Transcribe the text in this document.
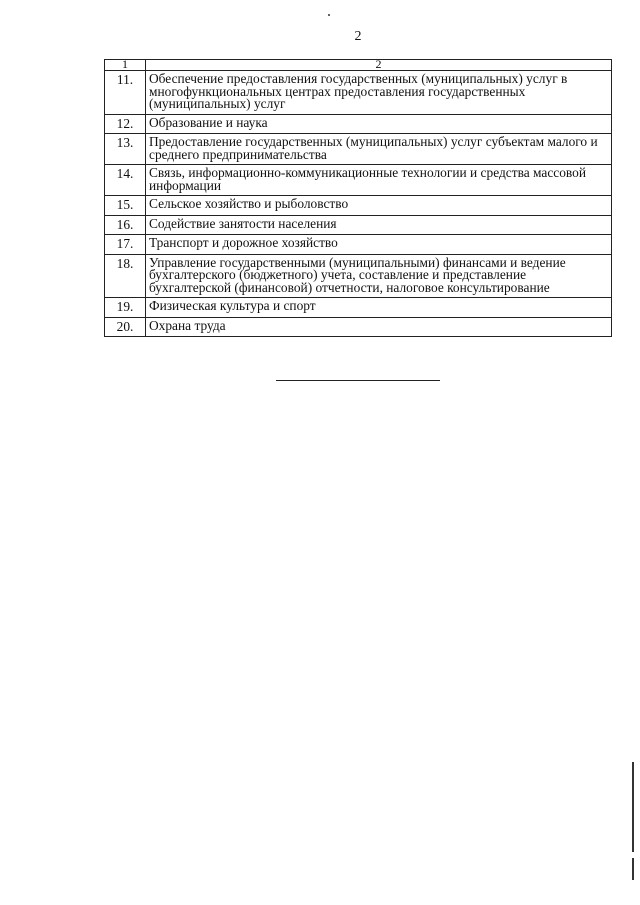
2
1	2
11.	Обеспечение предоставления государственных (муниципальных) услуг в многофункциональных центрах предоставления государственных (муниципальных) услуг
12.	Образование и наука
13.	Предоставление государственных (муниципальных) услуг субъектам малого и среднего предпринимательства
14.	Связь, информационно-коммуникационные технологии и средства массовой информации
15.	Сельское хозяйство и рыболовство
16.	Содействие занятости населения
17.	Транспорт и дорожное хозяйство
18.	Управление государственными (муниципальными) финансами и ведение бухгалтерского (бюджетного) учета, составление и представление бухгалтерской (финансовой) отчетности, налоговое консультирование
19.	Физическая культура и спорт
20.	Охрана труда
